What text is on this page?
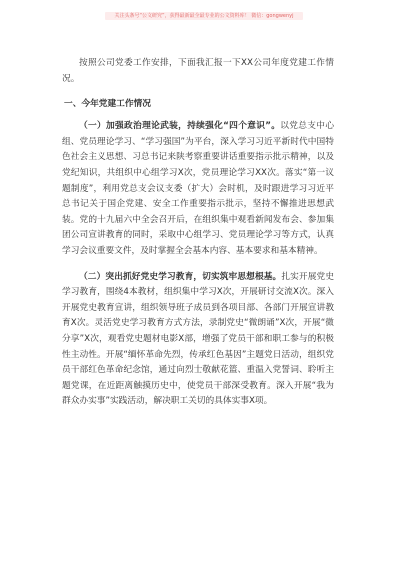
关注头条号“公文研究”，获得最新最全最专业的公文资料库！ 微信：gongwenyj

按照公司党委工作安排，下面我汇报一下XX公司年度党建工作情况。

一、今年党建工作情况

（一）加强政治理论武装，持续强化“四个意识”。以党总支中心组、党员理论学习、“学习强国”为平台，深入学习习近平新时代中国特色社会主义思想、习总书记来陕考察重要讲话重要指示批示精神，以及党纪知识，共组织中心组学习X次，党员理论学习XX次。落实“第一议题制度”，利用党总支会议支委（扩大）会时机，及时跟进学习习近平总书记关于国企党建、安全工作重要指示批示，坚持不懈推进思想武装。党的十九届六中全会召开后，在组织集中观看新闻发布会、参加集团公司宣讲教育的同时，采取中心组学习、党员理论学习等方式，认真学习会议重要文件，及时掌握全会基本内容、基本要求和基本精神。

（二）突出抓好党史学习教育，切实筑牢思想根基。扎实开展党史学习教育，围绕4本教材，组织集中学习X次，开展研讨交流X次。深入开展党史教育宣讲，组织领导班子成员到各项目部、各部门开展宣讲教育X次。灵活党史学习教育方式方法，录制党史“微朗诵”X次，开展“微分享”X次，观看党史题材电影X部，增强了党员干部和职工参与的积极性主动性。开展“缅怀革命先烈，传承红色基因”主题党日活动，组织党员干部红色革命纪念馆，通过向烈士敬献花篮、重温入党誓词、聆听主题党课，在近距离触摸历史中，使党员干部深受教育。深入开展“我为群众办实事”实践活动，解决职工关切的具体实事X项。
